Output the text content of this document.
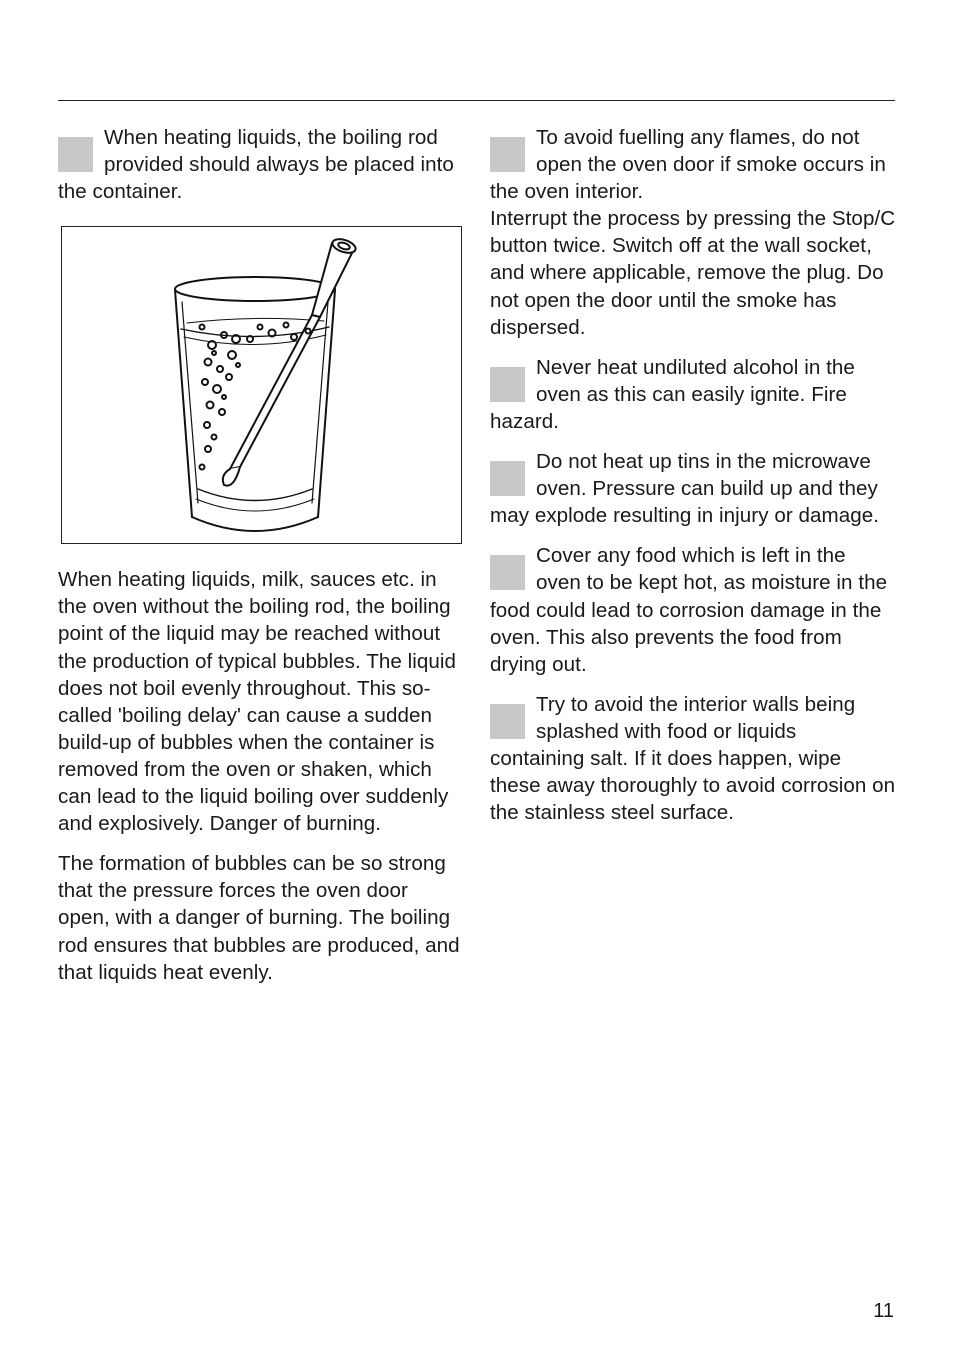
When heating liquids, the boiling rod provided should always be placed into the container.

When heating liquids, milk, sauces etc. in the oven without the boiling rod, the boiling point of the liquid may be reached without the production of typical bubbles. The liquid does not boil evenly throughout. This so-called 'boiling delay' can cause a sudden build-up of bubbles when the container is removed from the oven or shaken, which can lead to the liquid boiling over suddenly and explosively. Danger of burning.

The formation of bubbles can be so strong that the pressure forces the oven door open, with a danger of burning. The boiling rod ensures that bubbles are produced, and that liquids heat evenly.

To avoid fuelling any flames, do not open the oven door if smoke occurs in the oven interior.
Interrupt the process by pressing the Stop/C button twice. Switch off at the wall socket, and where applicable, remove the plug. Do not open the door until the smoke has dispersed.

Never heat undiluted alcohol in the oven as this can easily ignite. Fire hazard.

Do not heat up tins in the microwave oven. Pressure can build up and they may explode resulting in injury or damage.

Cover any food which is left in the oven to be kept hot, as moisture in the food could lead to corrosion damage in the oven. This also prevents the food from drying out.

Try to avoid the interior walls being splashed with food or liquids containing salt. If it does happen, wipe these away thoroughly to avoid corrosion on the stainless steel surface.

11
